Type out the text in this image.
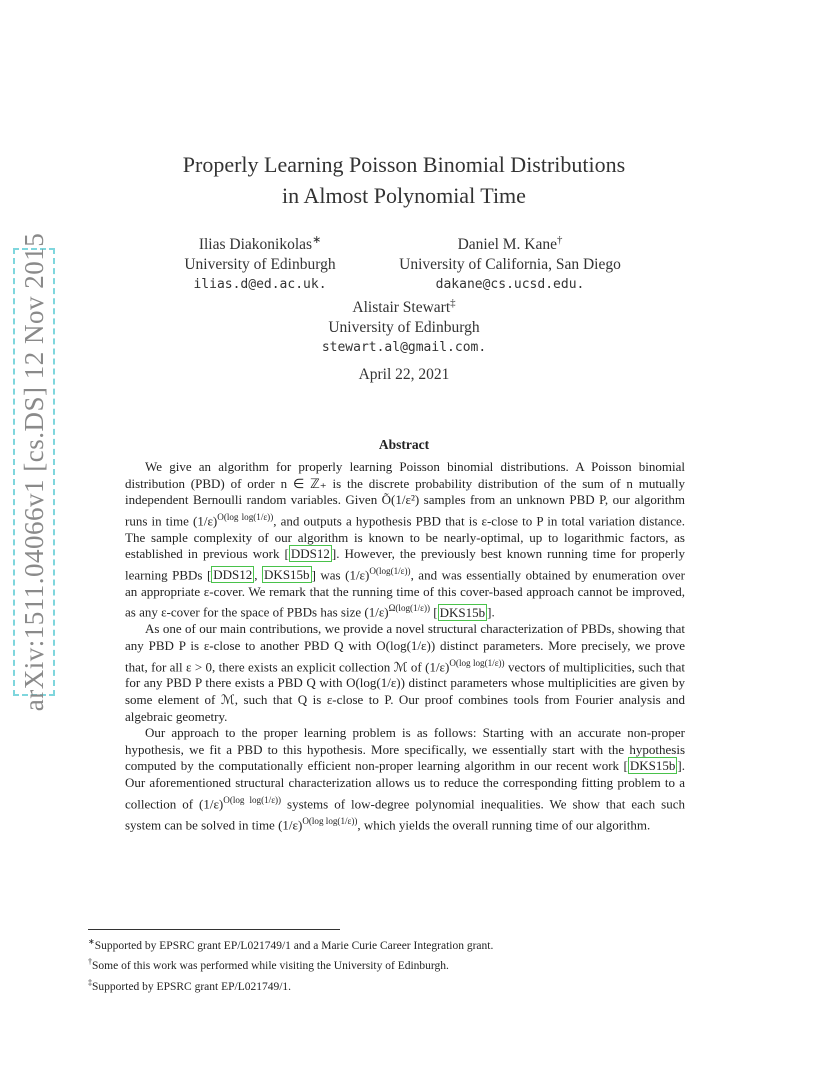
arXiv:1511.04066v1 [cs.DS] 12 Nov 2015
Properly Learning Poisson Binomial Distributions
in Almost Polynomial Time
Ilias Diakonikolas∗
University of Edinburgh
ilias.d@ed.ac.uk.
Daniel M. Kane†
University of California, San Diego
dakane@cs.ucsd.edu.
Alistair Stewart‡
University of Edinburgh
stewart.al@gmail.com.
April 22, 2021
Abstract

We give an algorithm for properly learning Poisson binomial distributions. A Poisson binomial distribution (PBD) of order n ∈ ℤ₊ is the discrete probability distribution of the sum of n mutually independent Bernoulli random variables. Given Õ(1/ε²) samples from an unknown PBD P, our algorithm runs in time $(1/\varepsilon)^{O(log log(1/\varepsilon))}$, and outputs a hypothesis PBD that is ε-close to P in total variation distance. The sample complexity of our algorithm is known to be nearly-optimal, up to logarithmic factors, as established in previous work [ DDS12 ]. However, the previously best known running time for properly learning PBDs [ DDS12 , DKS15b ] was $(1/\varepsilon)^{O(log(1/\varepsilon))}$, and was essentially obtained by enumeration over an appropriate ε-cover. We remark that the running time of this cover-based approach cannot be improved, as any ε-cover for the space of PBDs has size $(1/\varepsilon)^{\Omega(log(1/\varepsilon))}$ [ DKS15b ].

As one of our main contributions, we provide a novel structural characterization of PBDs, showing that any PBD P is ε-close to another PBD Q with O(log(1/ε)) distinct parameters. More precisely, we prove that, for all ε > 0, there exists an explicit collection ℳ of $(1/\varepsilon)^{O(log log(1/\varepsilon))}$ vectors of multiplicities, such that for any PBD P there exists a PBD Q with O(log(1/ε)) distinct parameters whose multiplicities are given by some element of ℳ, such that Q is ε-close to P. Our proof combines tools from Fourier analysis and algebraic geometry.

Our approach to the proper learning problem is as follows: Starting with an accurate non-proper hypothesis, we fit a PBD to this hypothesis. More specifically, we essentially start with the hypothesis computed by the computationally efficient non-proper learning algorithm in our recent work [ DKS15b ]. Our aforementioned structural characterization allows us to reduce the corresponding fitting problem to a collection of $(1/\varepsilon)^{O(log log(1/\varepsilon))}$ systems of low-degree polynomial inequalities. We show that each such system can be solved in time $(1/\varepsilon)^{O(log log(1/\varepsilon))}$, which yields the overall running time of our algorithm.

∗Supported by EPSRC grant EP/L021749/1 and a Marie Curie Career Integration grant.
†Some of this work was performed while visiting the University of Edinburgh.
‡Supported by EPSRC grant EP/L021749/1.
